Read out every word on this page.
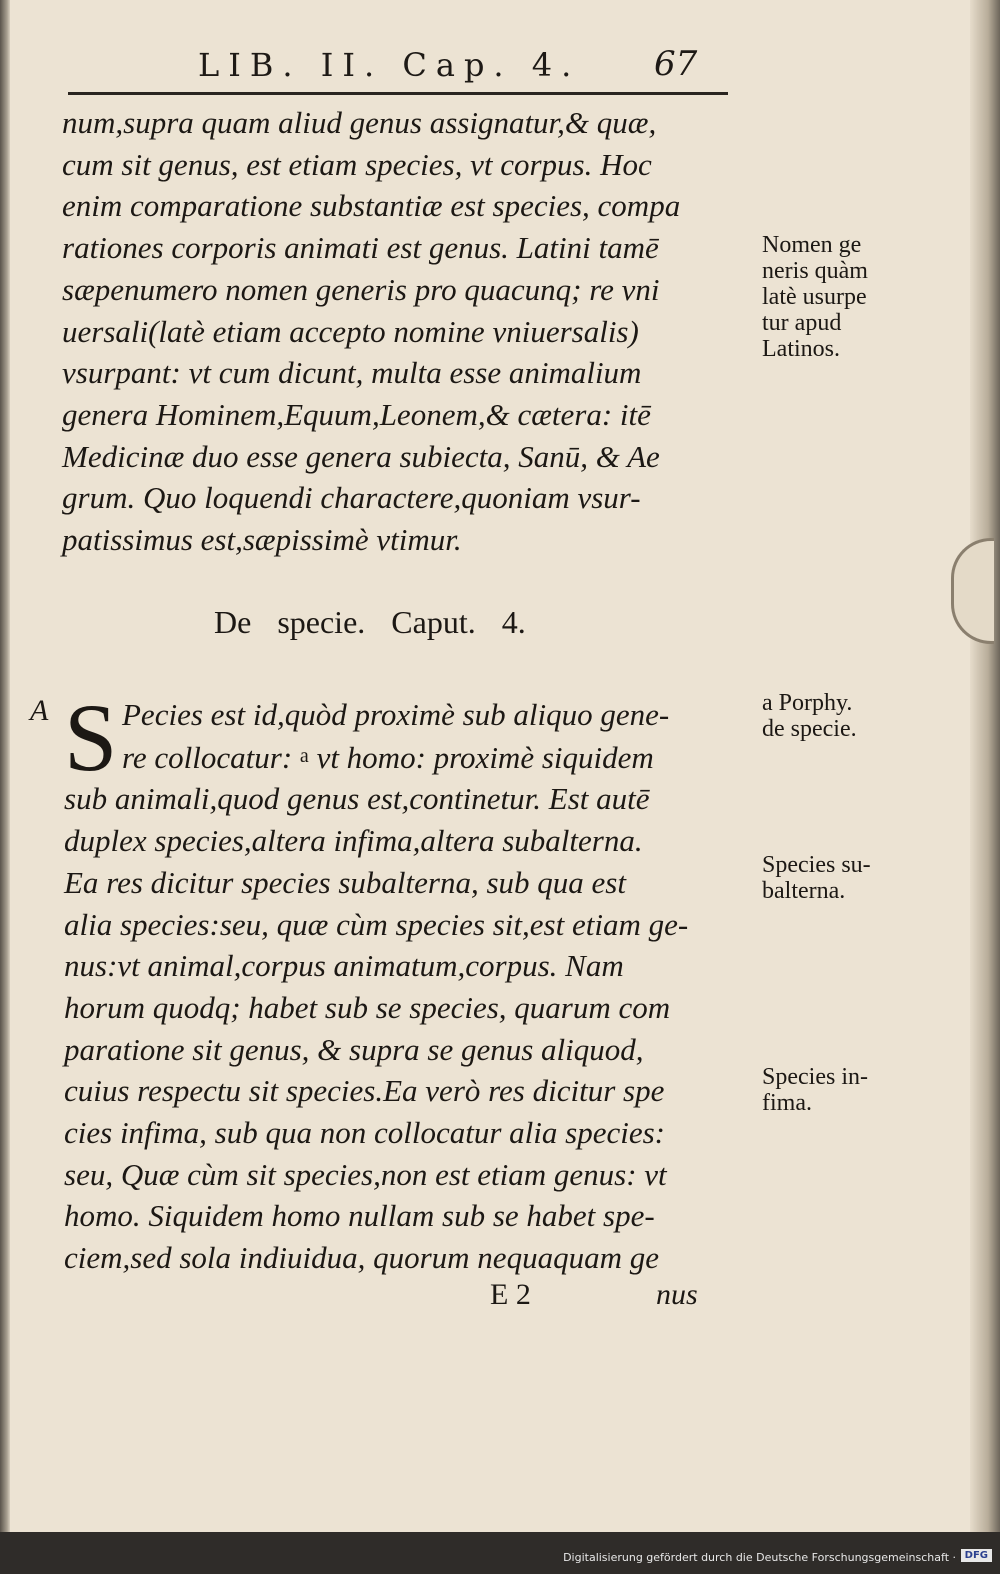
LIB. II. Cap. 4. 67
num,supra quam aliud genus assignatur,& quæ,
cum sit genus, est etiam species, vt corpus. Hoc
enim comparatione substantiæ est species, compa
rationes corporis animati est genus. Latini tamē
sæpenumero nomen generis pro quacunq; re vni
uersali(latè etiam accepto nomine vniuersalis)
vsurpant: vt cum dicunt, multa esse animalium
genera Hominem,Equum,Leonem,& cætera: itē
Medicinæ duo esse genera subiecta, Sanū, & Ae
grum. Quo loquendi charactere,quoniam vsur-
patissimus est,sæpissimè vtimur.
De specie. Caput. 4.
A S Pecies est id,quòd proximè sub aliquo gene-
re collocatur: $^a$ vt homo: proximè siquidem
sub animali,quod genus est,continetur. Est autē
duplex species,altera infima,altera subalterna.
Ea res dicitur species subalterna, sub qua est
alia species:seu, quæ cùm species sit,est etiam ge-
nus:vt animal,corpus animatum,corpus. Nam
horum quodq; habet sub se species, quarum com
paratione sit genus, & supra se genus aliquod,
cuius respectu sit species.Ea verò res dicitur spe
cies infima, sub qua non collocatur alia species:
seu, Quæ cùm sit species,non est etiam genus: vt
homo. Siquidem homo nullam sub se habet spe-
ciem,sed sola indiuidua, quorum nequaquam ge
Nomen ge
neris quàm
latè usurpe
tur apud
Latinos.
a Porphy.
de specie.
Species su-
balterna.
Species in-
fima.
E 2	nus
Digitalisierung gefördert durch die Deutsche Forschungsgemeinschaft · DFG
